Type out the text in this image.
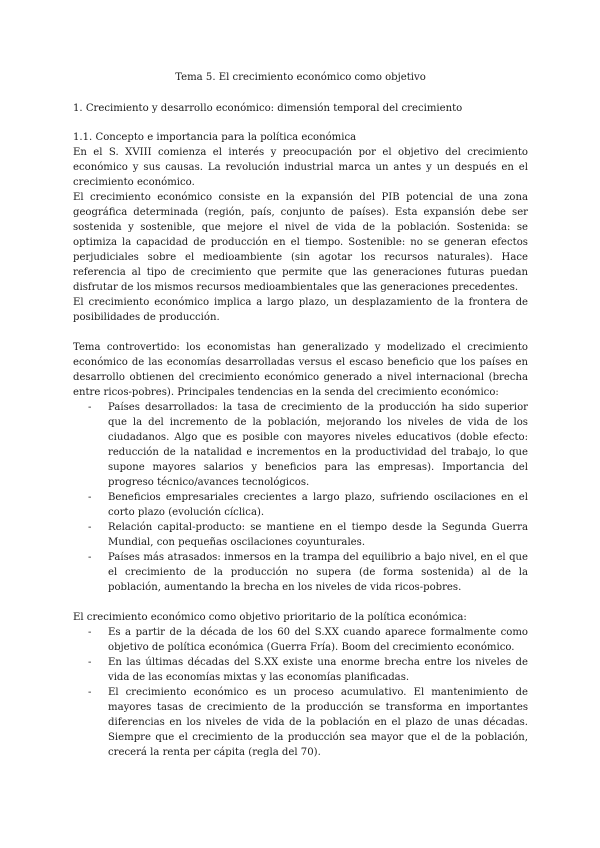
Tema 5. El crecimiento económico como objetivo
1. Crecimiento y desarrollo económico: dimensión temporal del crecimiento
1.1. Concepto e importancia para la política económica

En el S. XVIII comienza el interés y preocupación por el objetivo del crecimiento económico y sus causas. La revolución industrial marca un antes y un después en el crecimiento económico.

El crecimiento económico consiste en la expansión del PIB potencial de una zona geográfica determinada (región, país, conjunto de países). Esta expansión debe ser sostenida y sostenible, que mejore el nivel de vida de la población. Sostenida: se optimiza la capacidad de producción en el tiempo. Sostenible: no se generan efectos perjudiciales sobre el medioambiente (sin agotar los recursos naturales). Hace referencia al tipo de crecimiento que permite que las generaciones futuras puedan disfrutar de los mismos recursos medioambientales que las generaciones precedentes.

El crecimiento económico implica a largo plazo, un desplazamiento de la frontera de posibilidades de producción.

Tema controvertido: los economistas han generalizado y modelizado el crecimiento económico de las economías desarrolladas versus el escaso beneficio que los países en desarrollo obtienen del crecimiento económico generado a nivel internacional (brecha entre ricos-pobres). Principales tendencias en la senda del crecimiento económico:

- Países desarrollados: la tasa de crecimiento de la producción ha sido superior que la del incremento de la población, mejorando los niveles de vida de los ciudadanos. Algo que es posible con mayores niveles educativos (doble efecto: reducción de la natalidad e incrementos en la productividad del trabajo, lo que supone mayores salarios y beneficios para las empresas). Importancia del progreso técnico/avances tecnológicos.
- Beneficios empresariales crecientes a largo plazo, sufriendo oscilaciones en el corto plazo (evolución cíclica).
- Relación capital-producto: se mantiene en el tiempo desde la Segunda Guerra Mundial, con pequeñas oscilaciones coyunturales.
- Países más atrasados: inmersos en la trampa del equilibrio a bajo nivel, en el que el crecimiento de la producción no supera (de forma sostenida) al de la población, aumentando la brecha en los niveles de vida ricos-pobres.

El crecimiento económico como objetivo prioritario de la política económica:

- Es a partir de la década de los 60 del S.XX cuando aparece formalmente como objetivo de política económica (Guerra Fría). Boom del crecimiento económico.
- En las últimas décadas del S.XX existe una enorme brecha entre los niveles de vida de las economías mixtas y las economías planificadas.
- El crecimiento económico es un proceso acumulativo. El mantenimiento de mayores tasas de crecimiento de la producción se transforma en importantes diferencias en los niveles de vida de la población en el plazo de unas décadas. Siempre que el crecimiento de la producción sea mayor que el de la población, crecerá la renta per cápita (regla del 70).
